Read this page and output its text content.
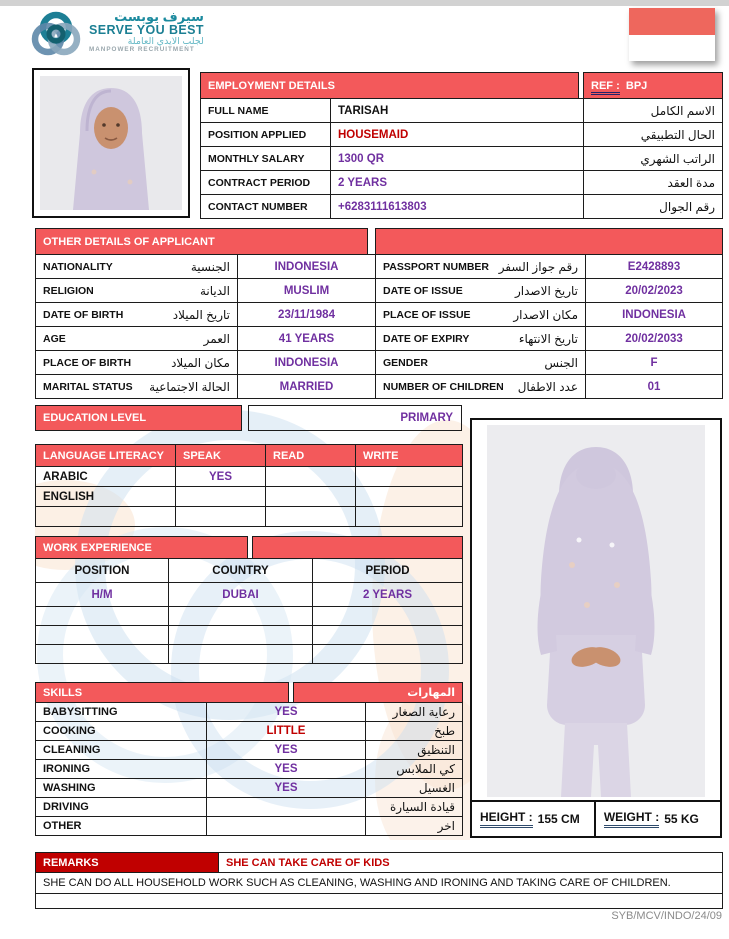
سيرف يوبست
SERVE YOU BEST
لجلب الايدي العاملة
MANPOWER RECRUITMENT
EMPLOYMENT DETAILS			REF : BPJ
FULL NAME	TARISAH		الاسم الكامل
POSITION APPLIED	HOUSEMAID		الحال التطبيقي
MONTHLY SALARY	1300 QR		الراتب الشهري
CONTRACT PERIOD	2 YEARS		مدة العقد
CONTACT NUMBER	+6283111613803		رقم الجوال
OTHER DETAILS OF APPLICANT				

NATIONALITY الجنسية	INDONESIA		PASSPORT NUMBER رقم جواز السفر	E2428893

RELIGION الديانة	MUSLIM		DATE OF ISSUE تاريخ الاصدار	20/02/2023

DATE OF BIRTH تاريخ الميلاد	23/11/1984		PLACE OF ISSUE مكان الاصدار	INDONESIA

AGE العمر	41 YEARS		DATE OF EXPIRY تاريخ الانتهاء	20/02/2033

PLACE OF BIRTH مكان الميلاد	INDONESIA		GENDER الجنس	F

MARITAL STATUS الحالة الاجتماعية	MARRIED		NUMBER OF CHILDREN عدد الاطفال	01
EDUCATION LEVEL	PRIMARY
LANGUAGE LITERACY	SPEAK	READ	WRITE
ARABIC	YES		
ENGLISH			

WORK EXPERIENCE				
POSITION	COUNTRY			PERIOD
H/M	DUBAI			2 YEARS

SKILLS			المهارات	
BABYSITTING	YES			رعاية الصغار
COOKING	LITTLE			طبخ
CLEANING	YES			التنظيق
IRONING	YES			كي الملابس
WASHING	YES			الغسيل
DRIVING				قيادة السيارة
OTHER				اخر
HEIGHT : 155 CM WEIGHT : 55 KG
REMARKS	SHE CAN TAKE CARE OF KIDS
SHE CAN DO ALL HOUSEHOLD WORK SUCH AS CLEANING, WASHING AND IRONING AND TAKING CARE OF CHILDREN.

SYB/MCV/INDO/24/09
